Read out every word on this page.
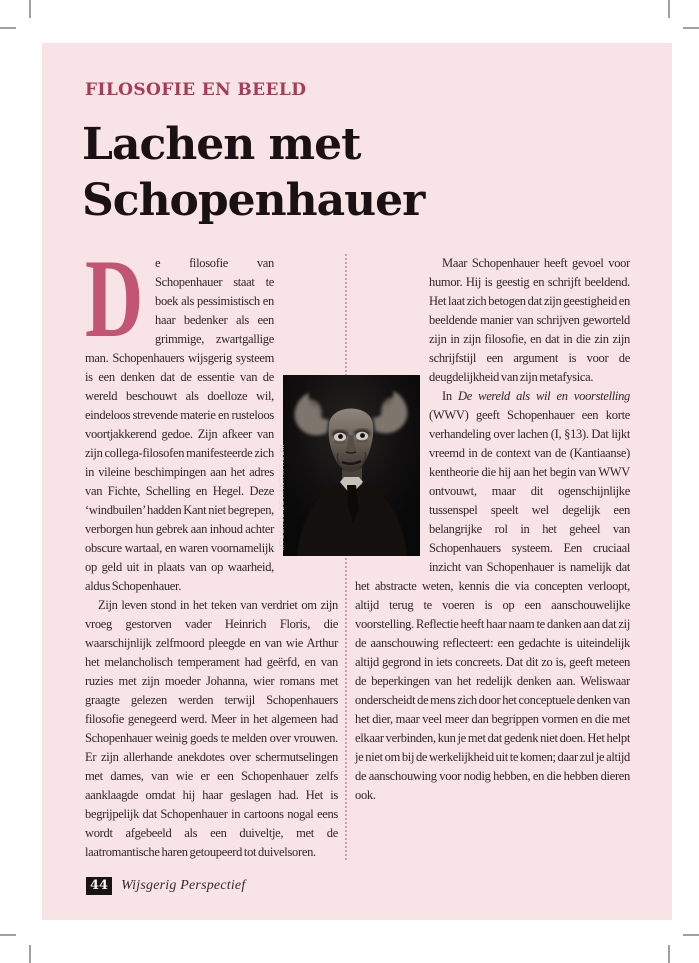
FILOSOFIE EN BEELD
Lachen met
Schopenhauer

De filosofie van Schopenhauer staat te boek als pessimistisch en haar bedenker als een grimmige, zwartgallige man. Schopenhauers wijsgerig systeem is een denken dat de essentie van de wereld beschouwt als doelloze wil, eindeloos strevende materie en rusteloos voortjakkerend gedoe. Zijn afkeer van zijn collega-filosofen manifesteerde zich in vileine beschimpingen aan het adres van Fichte, Schelling en Hegel. Deze ‘windbuilen’ hadden Kant niet begrepen, verborgen hun gebrek aan inhoud achter obscure wartaal, en waren voornamelijk op geld uit in plaats van op waarheid, aldus Schopenhauer.

Zijn leven stond in het teken van verdriet om zijn vroeg gestorven vader Heinrich Floris, die waarschijnlijk zelfmoord pleegde en van wie Arthur het melancholisch temperament had geërfd, en van ruzies met zijn moeder Johanna, wier romans met graagte gelezen werden terwijl Schopenhauers filosofie genegeerd werd. Meer in het algemeen had Schopenhauer weinig goeds te melden over vrouwen. Er zijn allerhande anekdotes over schermutselingen met dames, van wie er een Schopenhauer zelfs aanklaagde omdat hij haar geslagen had. Het is begrijpelijk dat Schopenhauer in cartoons nogal eens wordt afgebeeld als een duiveltje, met de laatromantische haren getoupeerd tot duivelsoren.

Maar Schopenhauer heeft gevoel voor humor. Hij is geestig en schrijft beeldend. Het laat zich betogen dat zijn geestigheid en beeldende manier van schrijven geworteld zijn in zijn filosofie, en dat in die zin zijn schrijfstijl een argument is voor de deugdelijkheid van zijn metafysica.

In De wereld als wil en voorstelling (WWV) geeft Schopenhauer een korte verhandeling over lachen (I, §13). Dat lijkt vreemd in de context van de (Kantiaanse) kentheorie die hij aan het begin van WWV ontvouwt, maar dit ogenschijnlijke tussenspel speelt wel degelijk een belangrijke rol in het geheel van Schopenhauers systeem. Een cruciaal inzicht van Schopenhauer is namelijk dat het abstracte weten, kennis die via concepten verloopt, altijd terug te voeren is op een aanschouwelijke voorstelling. Reflectie heeft haar naam te danken aan dat zij de aanschouwing reflecteert: een gedachte is uiteindelijk altijd gegrond in iets concreets. Dat dit zo is, geeft meteen de beperkingen van het redelijk denken aan. Weliswaar onderscheidt de mens zich door het conceptuele denken van het dier, maar veel meer dan begrippen vormen en die met elkaar verbinden, kun je met dat gedenk niet doen. Het helpt je niet om bij de werkelijkheid uit te komen; daar zul je altijd de aanschouwing voor nodig hebben, en die hebben dieren ook.

MTUGRUL.DEVIANTART.COM
44 Wijsgerig Perspectief
